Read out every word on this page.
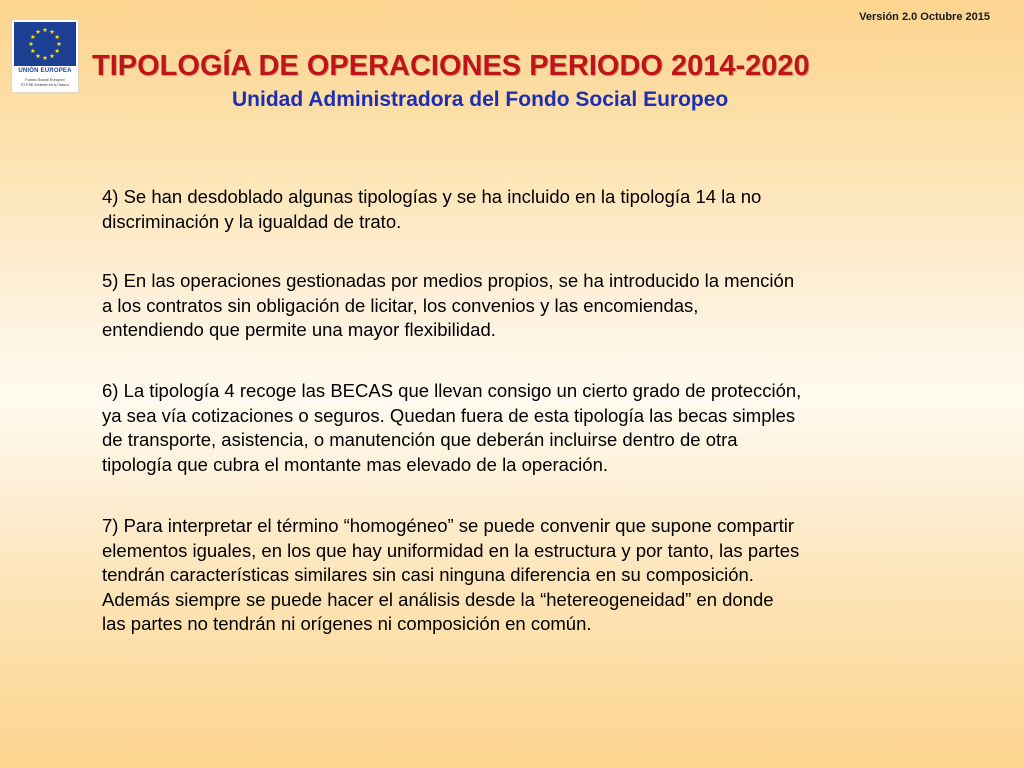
Versión 2.0 Octubre 2015
UNIÓN EUROPEA
Fondo Social Europeo
El FSE invierte en tu futuro
TIPOLOGÍA DE OPERACIONES PERIODO 2014-2020
Unidad Administradora del Fondo Social Europeo

4) Se han desdoblado algunas tipologías y se ha incluido en la tipología 14 la no
discriminación y la igualdad de trato.

5) En las operaciones gestionadas por medios propios, se ha introducido la mención
a los contratos sin obligación de licitar, los convenios y las encomiendas,
entendiendo que permite una mayor flexibilidad.

6) La tipología 4 recoge las BECAS que llevan consigo un cierto grado de protección,
ya sea vía cotizaciones o seguros. Quedan fuera de esta tipología las becas simples
de transporte, asistencia, o manutención que deberán incluirse dentro de otra
tipología que cubra el montante mas elevado de la operación.

7) Para interpretar el término “homogéneo” se puede convenir que supone compartir
elementos iguales, en los que hay uniformidad en la estructura y por tanto, las partes
tendrán características similares sin casi ninguna diferencia en su composición.
Además siempre se puede hacer el análisis desde la “hetereogeneidad” en donde
las partes no tendrán ni orígenes ni composición en común.
